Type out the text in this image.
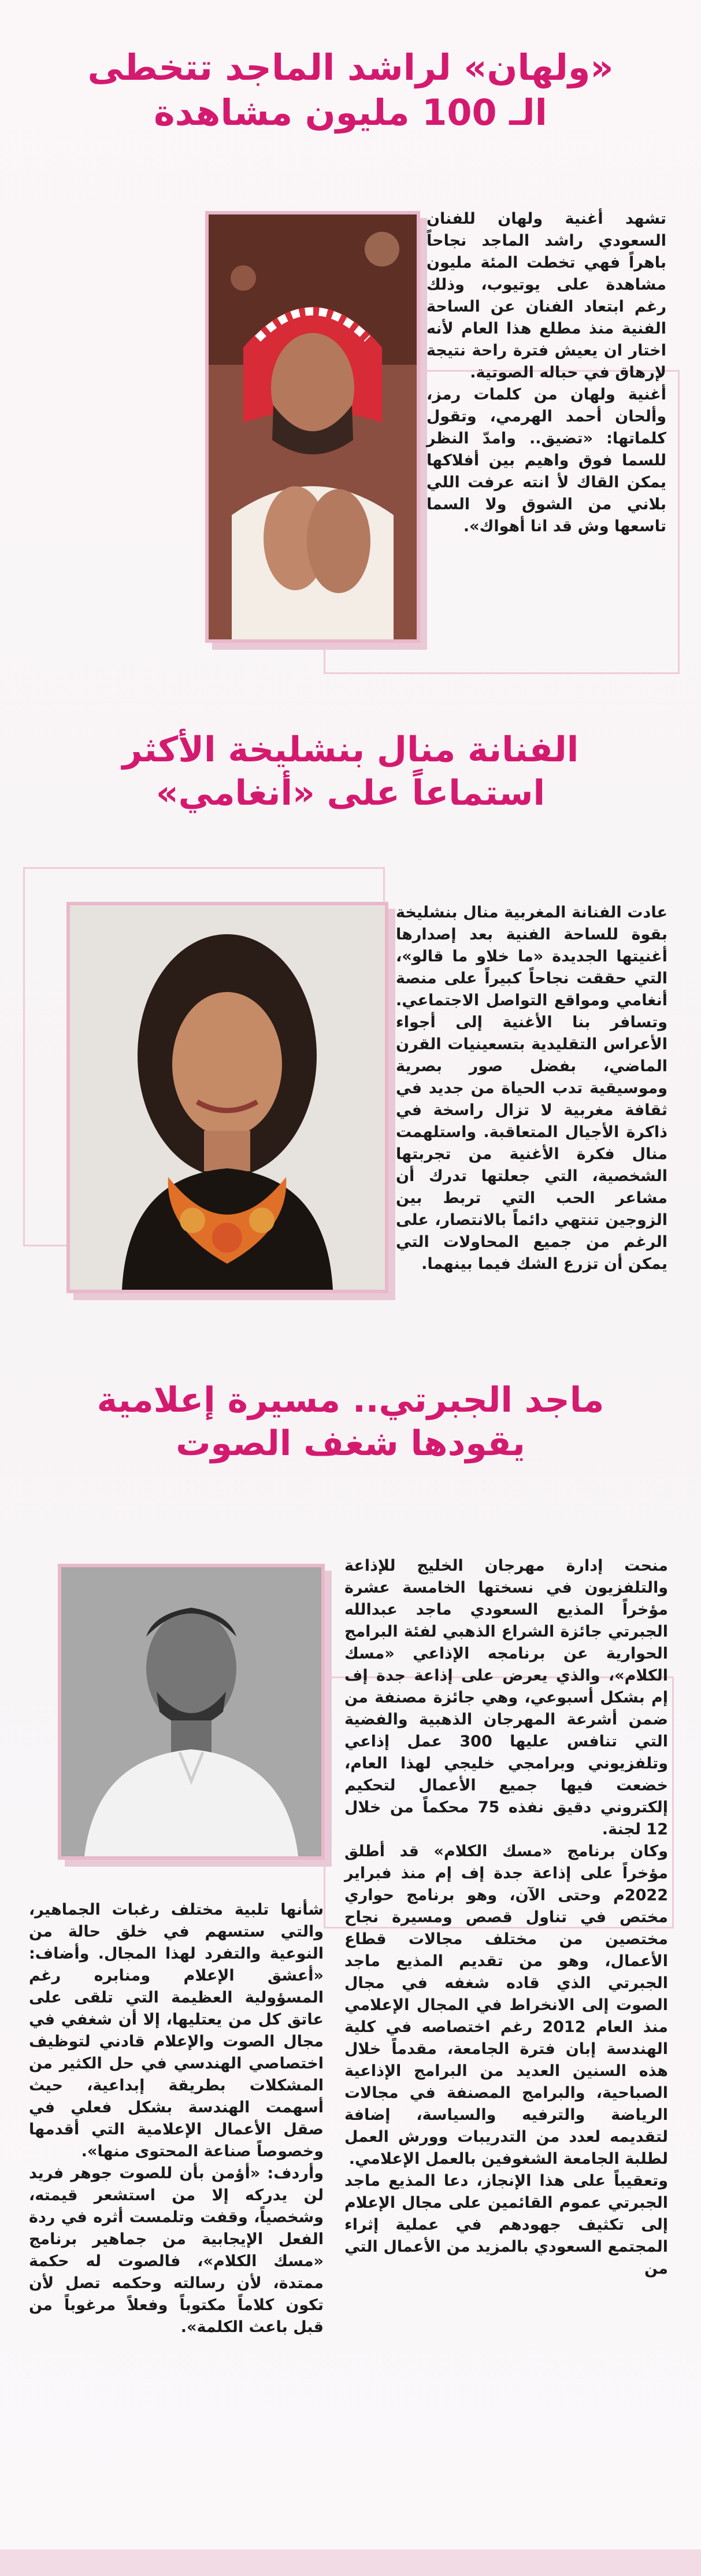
«ولهان» لراشد الماجد تتخطى
الـ 100 مليون مشاهدة

تشهد أغنية ولهان للفنان السعودي راشد الماجد نجاحاً باهراً فهي تخطت المئة مليون مشاهدة على يوتيوب، وذلك رغم ابتعاد الفنان عن الساحة الفنية منذ مطلع هذا العام لأنه اختار ان يعيش فترة راحة نتيجة لإرهاق في حباله الصوتية.

أغنية ولهان من كلمات رمز، وألحان أحمد الهرمي، وتقول كلماتها: «تضيق.. وامدّ النظر للسما فوق واهيم بين أفلاكها يمكن القاك لأ انته عرفت اللي بلاني من الشوق ولا السما تاسعها وش قد انا أهواك».

الفنانة منال بنشليخة الأكثر
استماعاً على «أنغامي»

عادت الفنانة المغربية منال بنشليخة بقوة للساحة الفنية بعد إصدارها أغنيتها الجديدة «ما خلاو ما قالو»، التي حققت نجاحاً كبيراً على منصة أنغامي ومواقع التواصل الاجتماعي. وتسافر بنا الأغنية إلى أجواء الأعراس التقليدية بتسعينيات القرن الماضي، بفضل صور بصرية وموسيقية تدب الحياة من جديد في ثقافة مغربية لا تزال راسخة في ذاكرة الأجيال المتعاقبة. واستلهمت منال فكرة الأغنية من تجربتها الشخصية، التي جعلتها تدرك أن مشاعر الحب التي تربط بين الزوجين تنتهي دائماً بالانتصار، على الرغم من جميع المحاولات التي يمكن أن تزرع الشك فيما بينهما.

ماجد الجبرتي.. مسيرة إعلامية
يقودها شغف الصوت

منحت إدارة مهرجان الخليج للإذاعة والتلفزيون في نسختها الخامسة عشرة مؤخراً المذيع السعودي ماجد عبدالله الجبرتي جائزة الشراع الذهبي لفئة البرامج الحوارية عن برنامجه الإذاعي «مسك الكلام»، والذي يعرض على إذاعة جدة إف إم بشكل أسبوعي، وهي جائزة مصنفة من ضمن أشرعة المهرجان الذهبية والفضية التي تنافس عليها 300 عمل إذاعي وتلفزيوني وبرامجي خليجي لهذا العام، خضعت فيها جميع الأعمال لتحكيم إلكتروني دقيق نفذه 75 محكماً من خلال 12 لجنة.

وكان برنامج «مسك الكلام» قد أطلق مؤخراً على إذاعة جدة إف إم منذ فبراير 2022م وحتى الآن، وهو برنامج حواري مختص في تناول قصص ومسيرة نجاح مختصين من مختلف مجالات قطاع الأعمال، وهو من تقديم المذيع ماجد الجبرتي الذي قاده شغفه في مجال الصوت إلى الانخراط في المجال الإعلامي منذ العام 2012 رغم اختصاصه في كلية الهندسة إبان فترة الجامعة، مقدماً خلال هذه السنين العديد من البرامج الإذاعية الصباحية، والبرامج المصنفة في مجالات الرياضة والترفيه والسياسة، إضافة لتقديمه لعدد من التدريبات وورش العمل لطلبة الجامعة الشغوفين بالعمل الإعلامي.

وتعقيباً على هذا الإنجاز، دعا المذيع ماجد الجبرتي عموم القائمين على مجال الإعلام إلى تكثيف جهودهم في عملية إثراء المجتمع السعودي بالمزيد من الأعمال التي من

شأنها تلبية مختلف رغبات الجماهير، والتي ستسهم في خلق حالة من النوعية والتفرد لهذا المجال. وأضاف: «أعشق الإعلام ومنابره رغم المسؤولية العظيمة التي تلقى على عاتق كل من يعتليها، إلا أن شغفي في مجال الصوت والإعلام قادني لتوظيف اختصاصي الهندسي في حل الكثير من المشكلات بطريقة إبداعية، حيث أسهمت الهندسة بشكل فعلي في صقل الأعمال الإعلامية التي أقدمها وخصوصاً صناعة المحتوى منها».

وأردف: «أؤمن بأن للصوت جوهر فريد لن يدركه إلا من استشعر قيمته، وشخصياً، وقفت وتلمست أثره في ردة الفعل الإيجابية من جماهير برنامج «مسك الكلام»، فالصوت له حكمة ممتدة، لأن رسالته وحكمه تصل لأن تكون كلاماً مكتوباً وفعلاً مرغوباً من قبل باعث الكلمة».
